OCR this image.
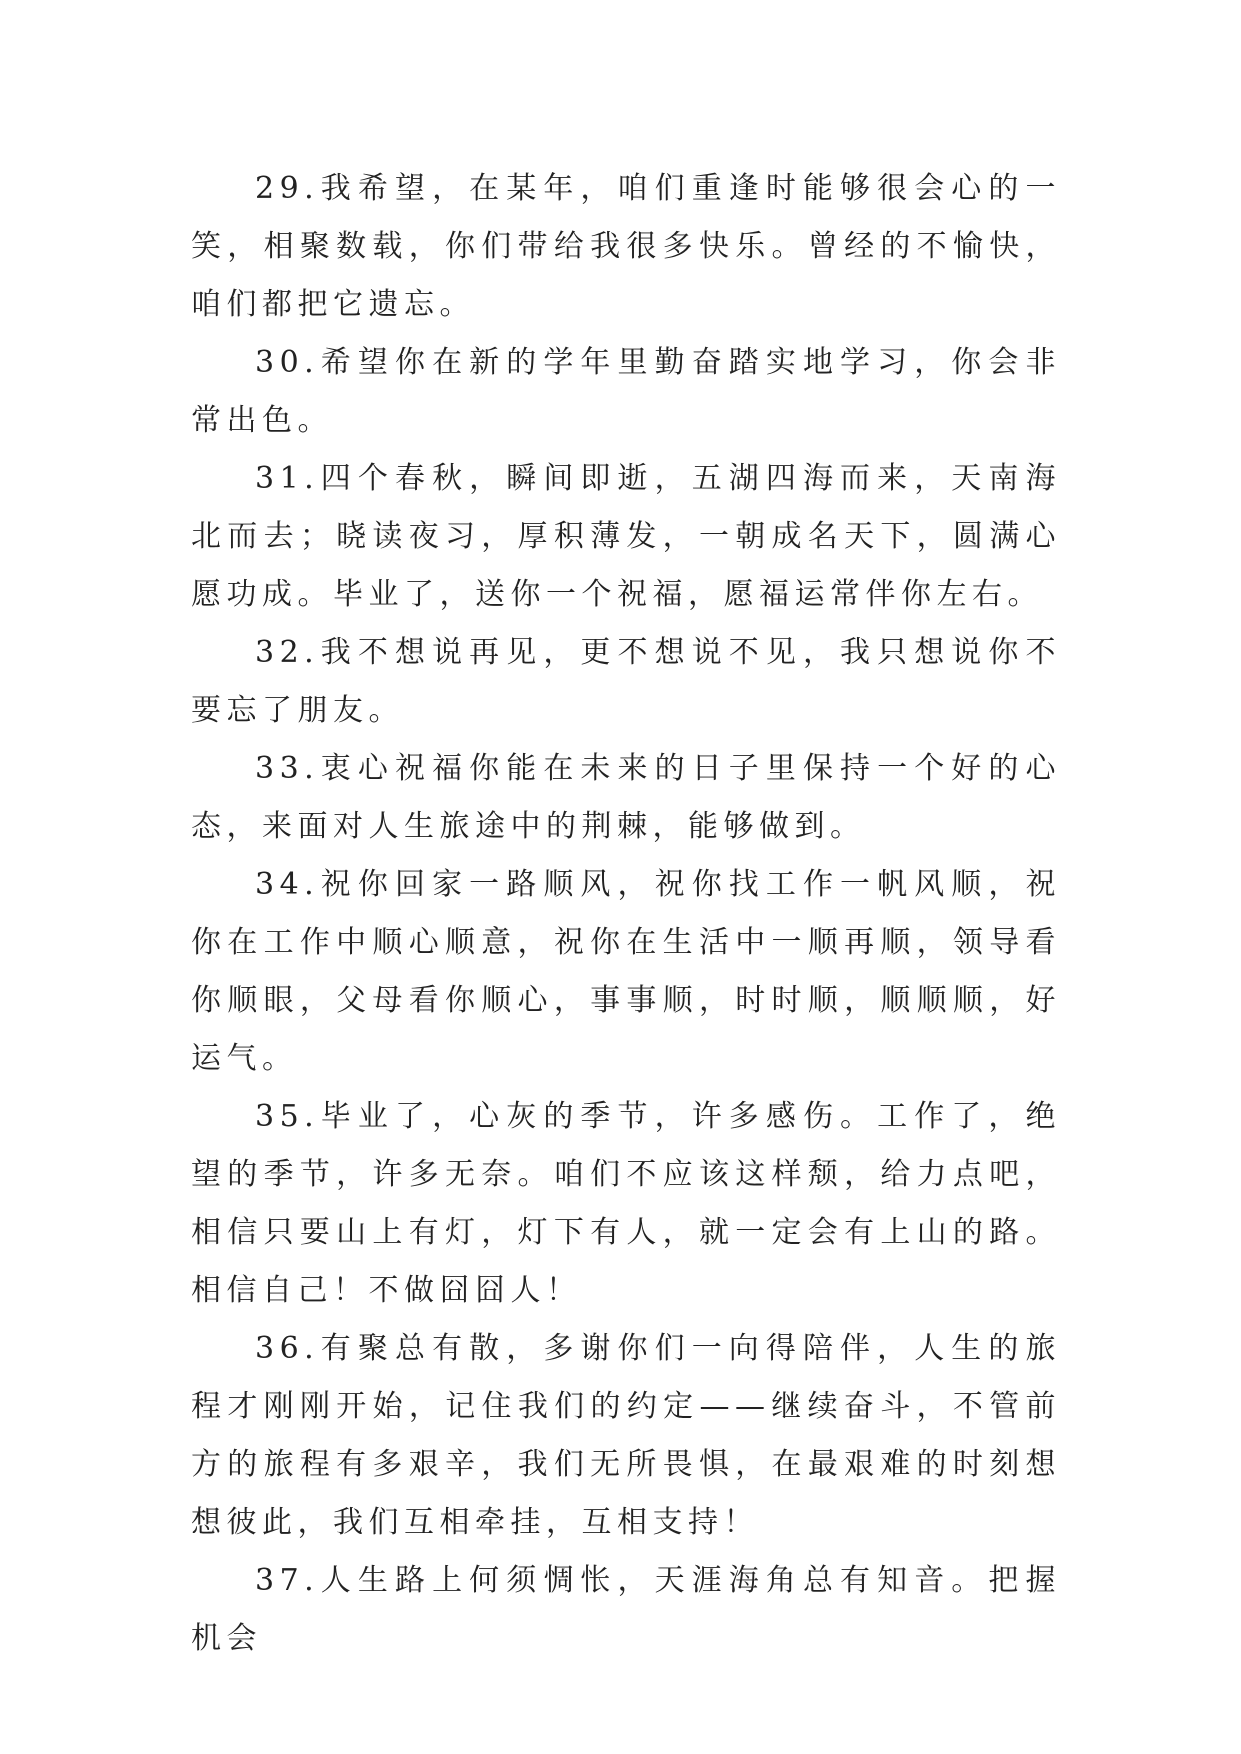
29.我希望，在某年，咱们重逢时能够很会心的一笑，相聚数载，你们带给我很多快乐。曾经的不愉快，咱们都把它遗忘。

30.希望你在新的学年里勤奋踏实地学习，你会非常出色。

31.四个春秋，瞬间即逝，五湖四海而来，天南海北而去；晓读夜习，厚积薄发，一朝成名天下，圆满心愿功成。毕业了，送你一个祝福，愿福运常伴你左右。

32.我不想说再见，更不想说不见，我只想说你不要忘了朋友。

33.衷心祝福你能在未来的日子里保持一个好的心态，来面对人生旅途中的荆棘，能够做到。

34.祝你回家一路顺风，祝你找工作一帆风顺，祝你在工作中顺心顺意，祝你在生活中一顺再顺，领导看你顺眼，父母看你顺心，事事顺，时时顺，顺顺顺，好运气。

35.毕业了，心灰的季节，许多感伤。工作了，绝望的季节，许多无奈。咱们不应该这样颓，给力点吧，相信只要山上有灯，灯下有人，就一定会有上山的路。相信自己！不做囧囧人！

36.有聚总有散，多谢你们一向得陪伴，人生的旅程才刚刚开始，记住我们的约定——继续奋斗，不管前方的旅程有多艰辛，我们无所畏惧，在最艰难的时刻想想彼此，我们互相牵挂，互相支持！

37.人生路上何须惆怅，天涯海角总有知音。把握机会
